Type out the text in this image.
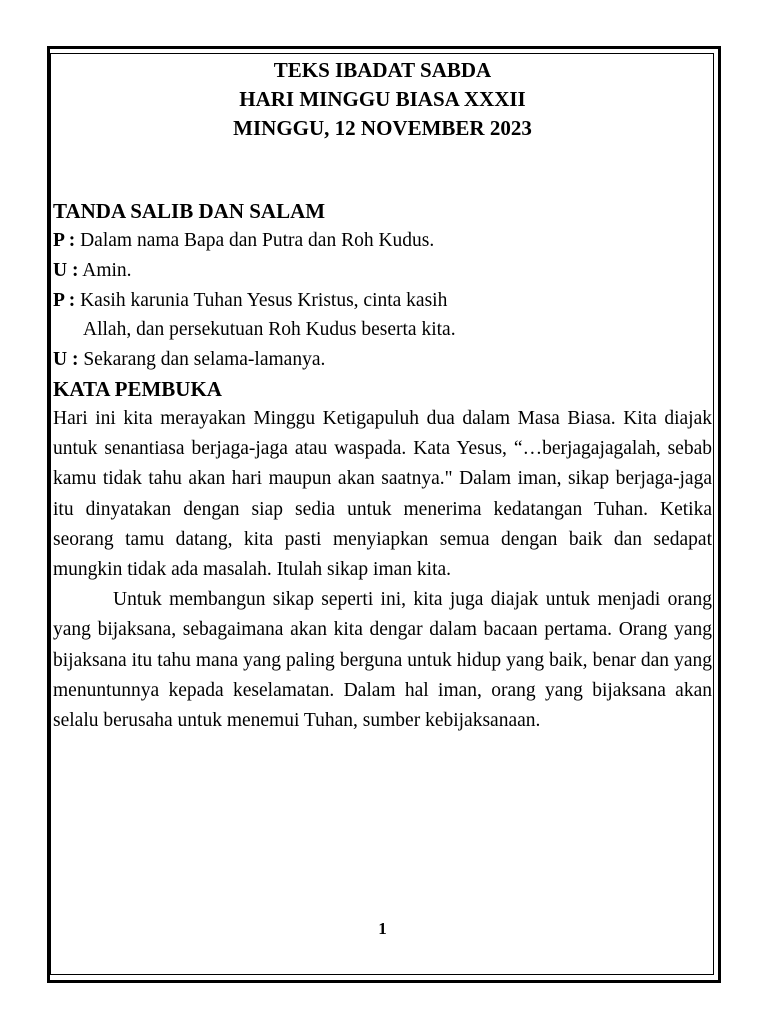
TEKS IBADAT SABDA
HARI MINGGU BIASA XXXII
MINGGU, 12 NOVEMBER 2023
TANDA SALIB DAN SALAM
P : Dalam nama Bapa dan Putra dan Roh Kudus.
U : Amin.
P : Kasih karunia Tuhan Yesus Kristus, cinta kasih
Allah, dan persekutuan Roh Kudus beserta kita.
U : Sekarang dan selama-lamanya.
KATA PEMBUKA

Hari ini kita merayakan Minggu Ketigapuluh dua dalam Masa Biasa. Kita diajak untuk senantiasa berjaga-jaga atau waspada. Kata Yesus, “…berjagajagalah, sebab kamu tidak tahu akan hari maupun akan saatnya." Dalam iman, sikap berjaga-jaga itu dinyatakan dengan siap sedia untuk menerima kedatangan Tuhan. Ketika seorang tamu datang, kita pasti menyiapkan semua dengan baik dan sedapat mungkin tidak ada masalah. Itulah sikap iman kita.

Untuk membangun sikap seperti ini, kita juga diajak untuk menjadi orang yang bijaksana, sebagaimana akan kita dengar dalam bacaan pertama. Orang yang bijaksana itu tahu mana yang paling berguna untuk hidup yang baik, benar dan yang menuntunnya kepada keselamatan. Dalam hal iman, orang yang bijaksana akan selalu berusaha untuk menemui Tuhan, sumber kebijaksanaan.

1
